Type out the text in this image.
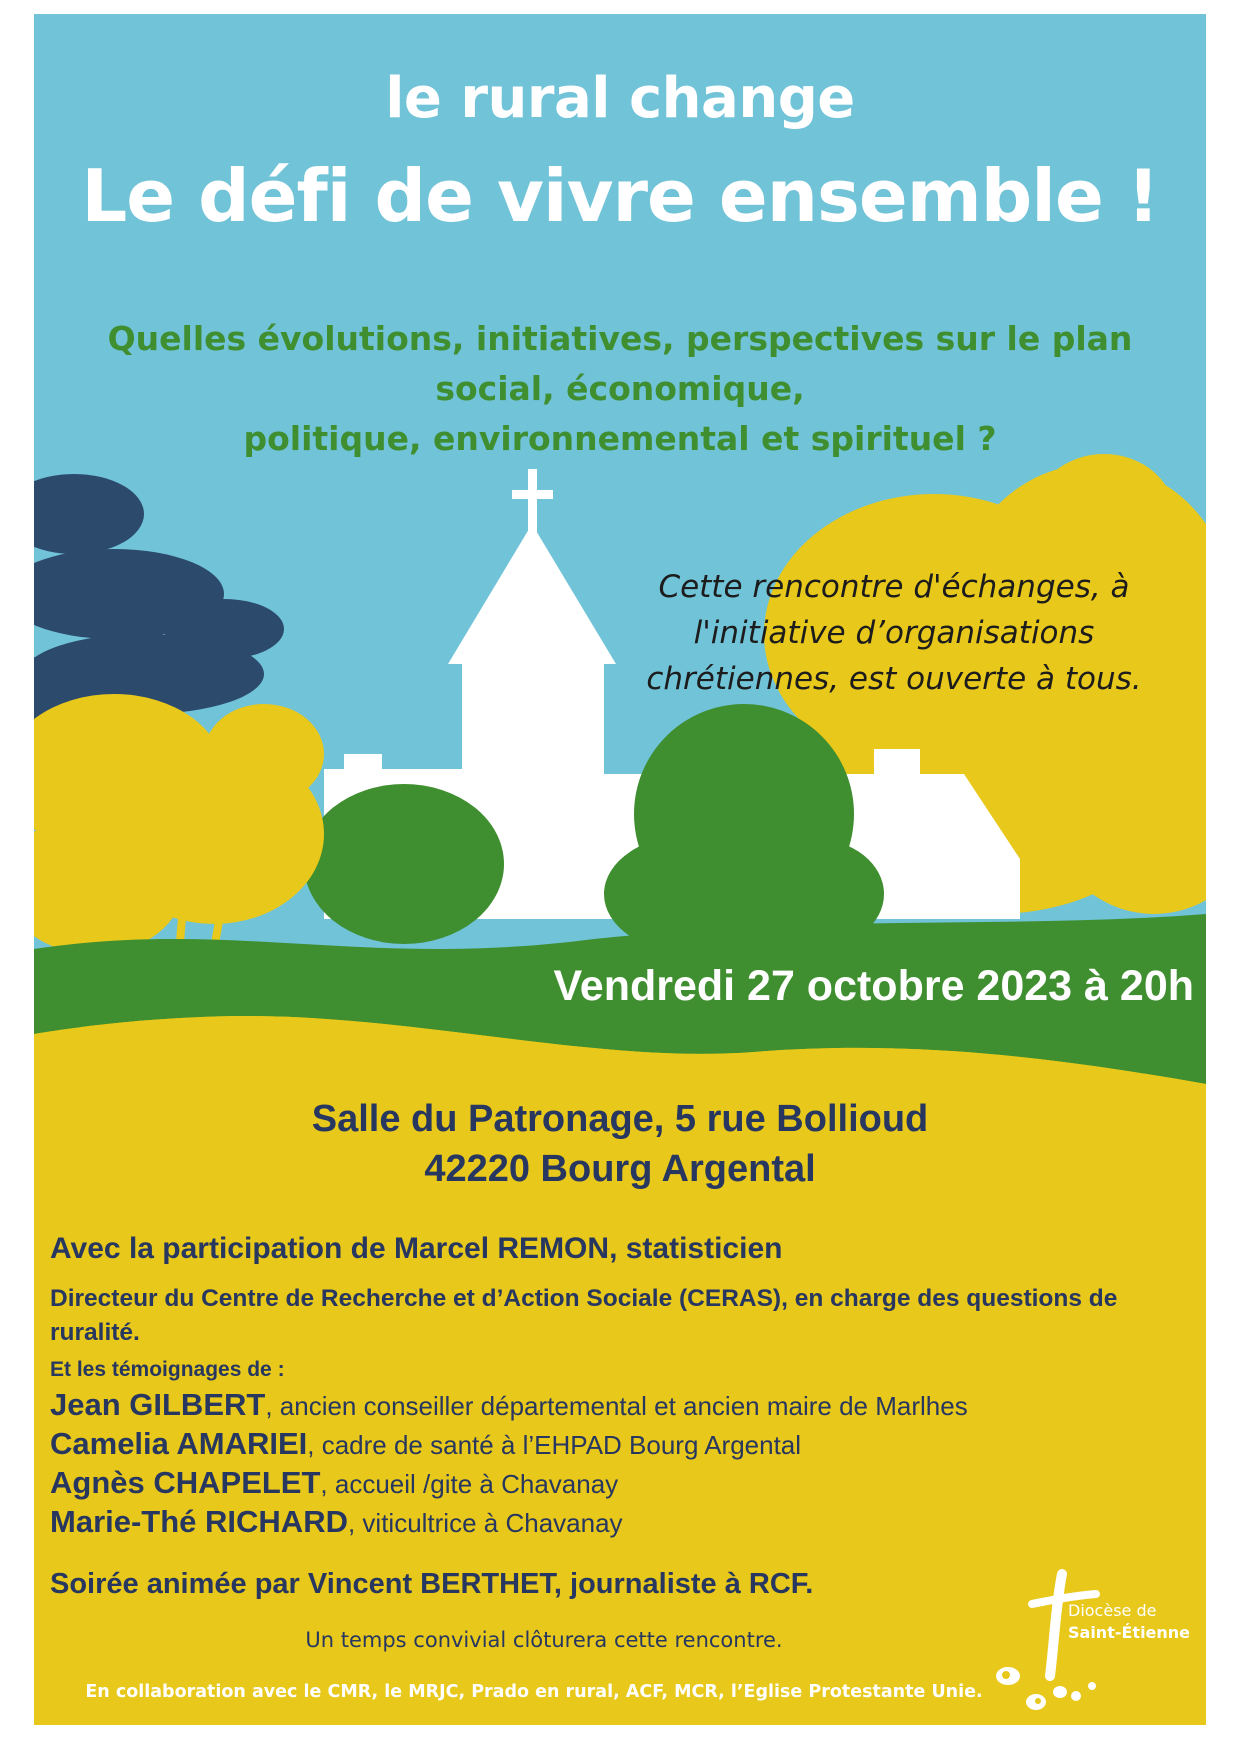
le rural change
Le défi de vivre ensemble !
Quelles évolutions, initiatives, perspectives sur le plan
social, économique,
politique, environnemental et spirituel ?
Cette rencontre d'échanges, à
l'initiative d’organisations
chrétiennes, est ouverte à tous.
Vendredi 27 octobre 2023 à 20h
Salle du Patronage, 5 rue Bollioud
42220 Bourg Argental
Avec la participation de Marcel REMON, statisticien
Directeur du Centre de Recherche et d’Action Sociale (CERAS), en charge des questions de ruralité.
Et les témoignages de :
Jean GILBERT, ancien conseiller départemental et ancien maire de Marlhes
Camelia AMARIEI, cadre de santé à l’EHPAD Bourg Argental
Agnès CHAPELET, accueil /gite à Chavanay
Marie-Thé RICHARD, viticultrice à Chavanay
Soirée animée par Vincent BERTHET, journaliste à RCF.
Un temps convivial clôturera cette rencontre.
En collaboration avec le CMR, le MRJC, Prado en rural, ACF, MCR, l’Eglise Protestante Unie.
Diocèse de
Saint-Étienne
